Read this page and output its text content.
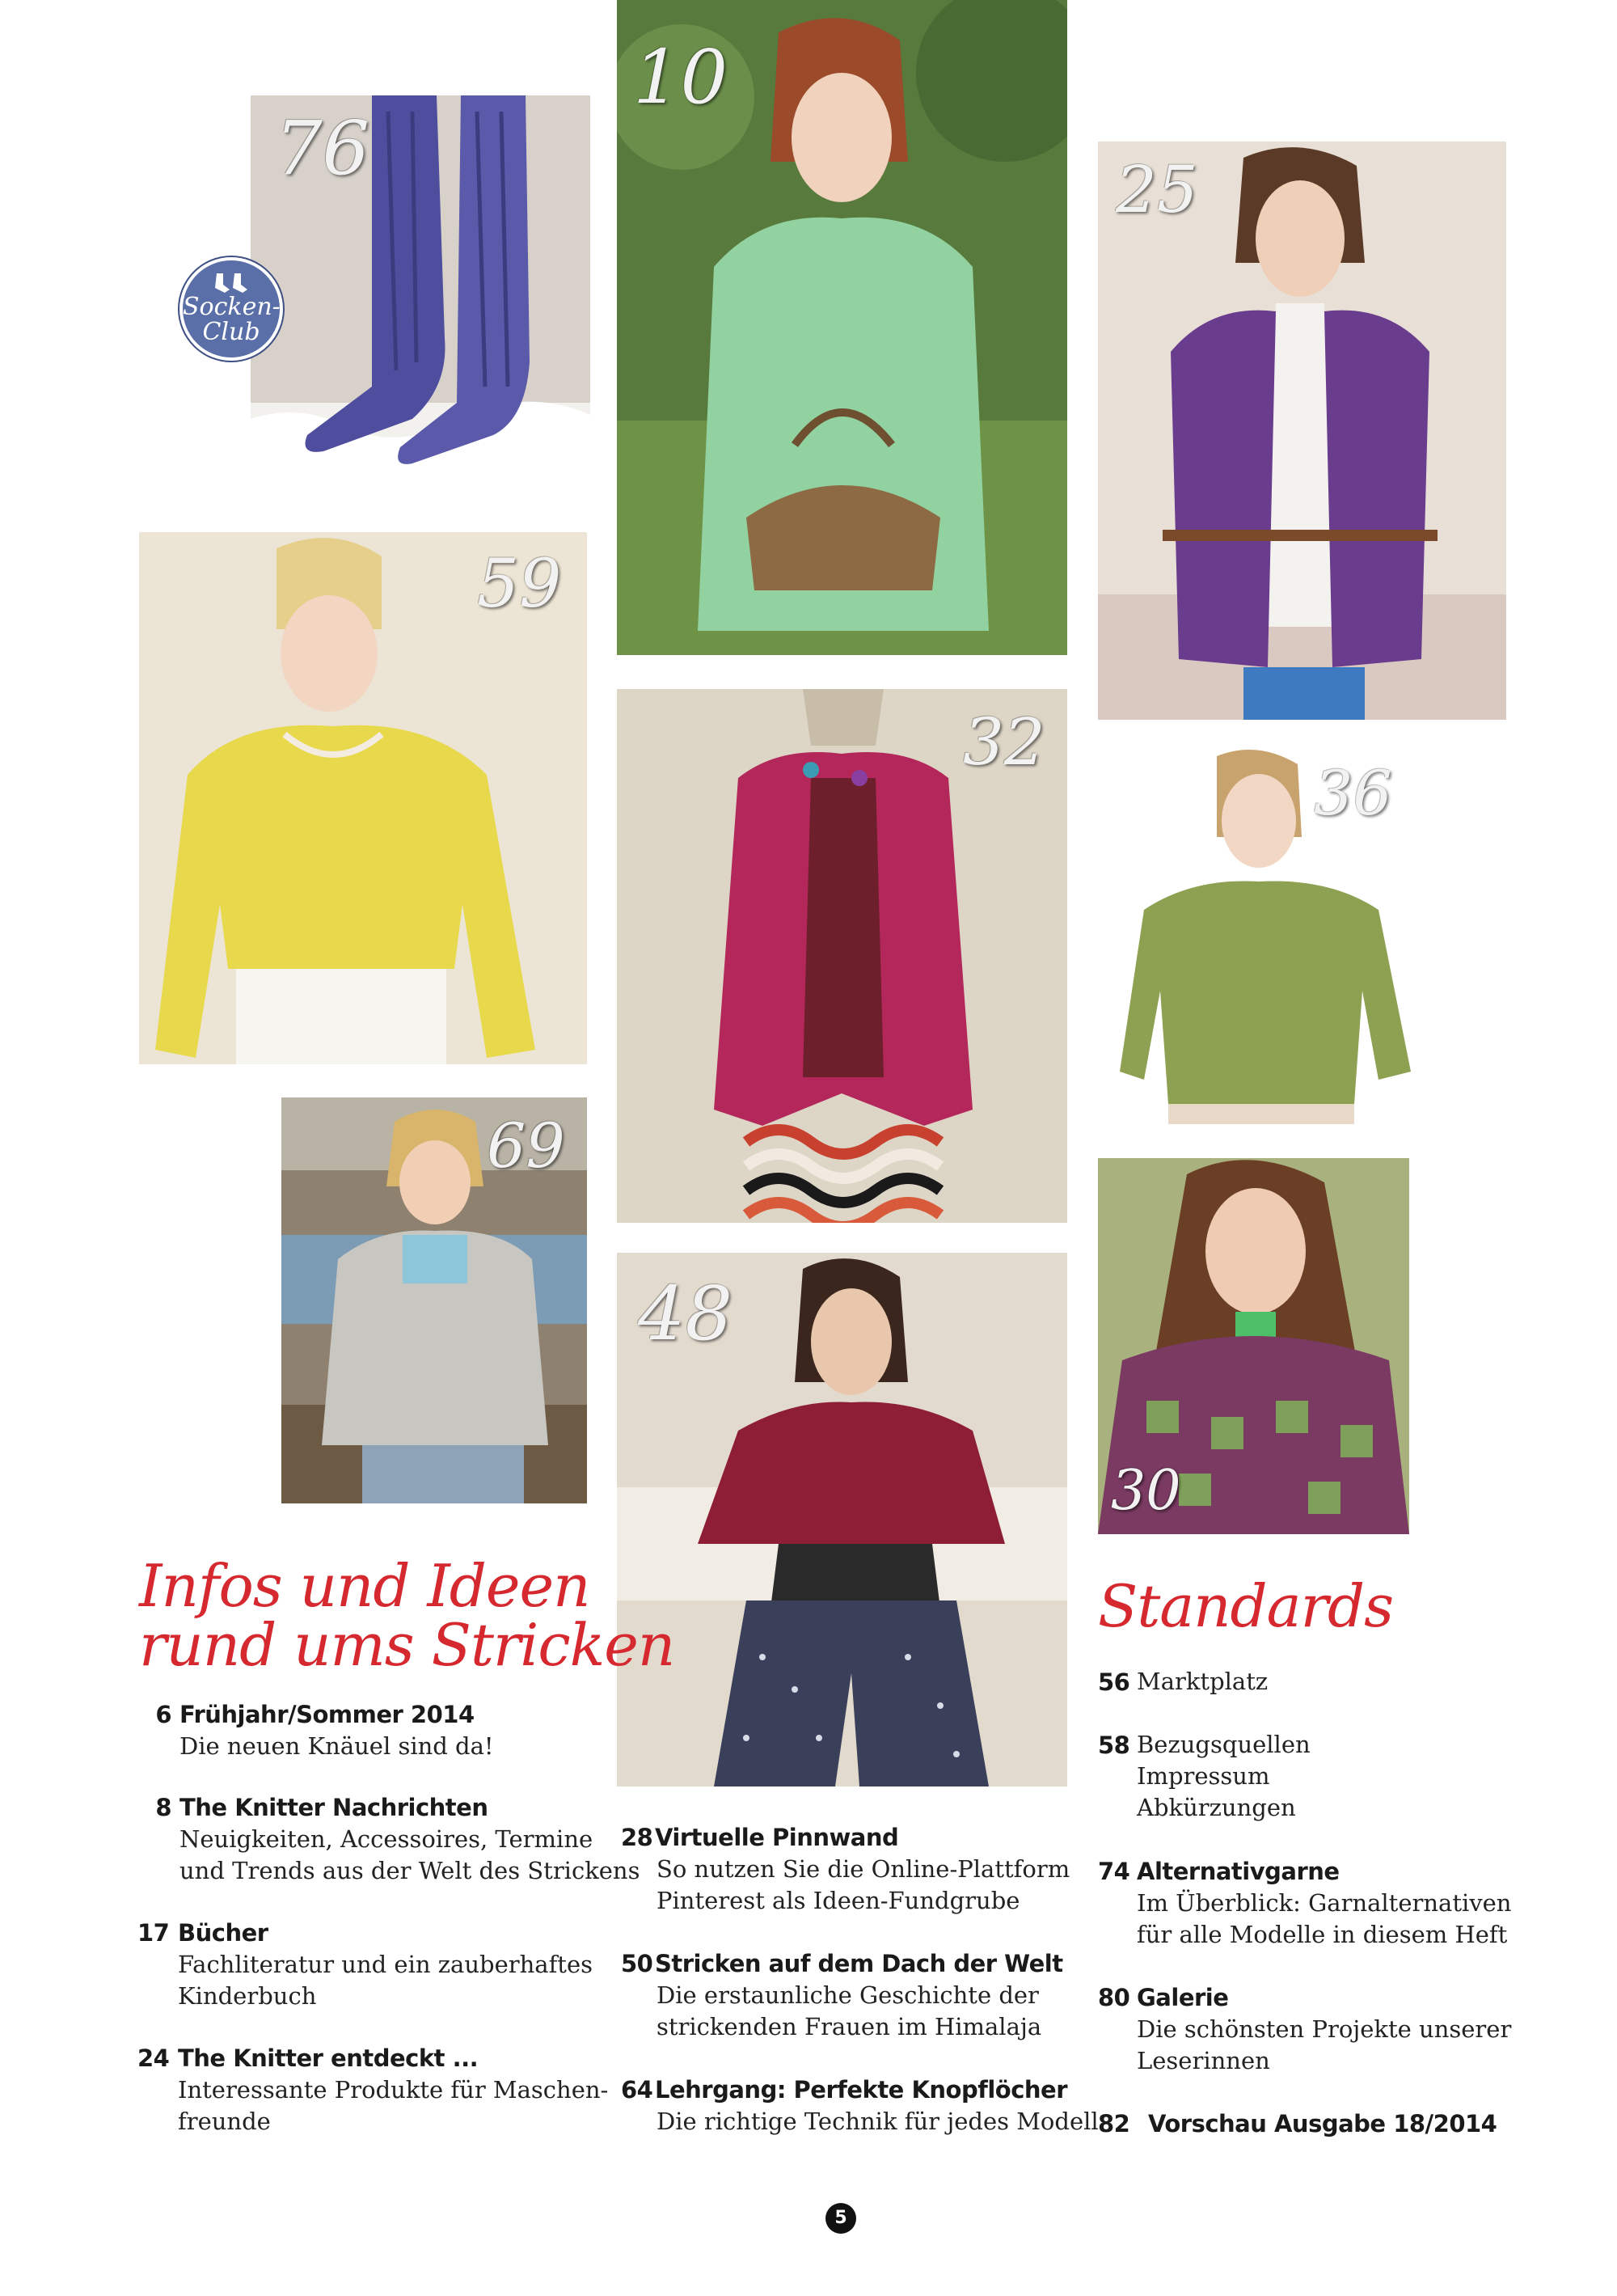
76
Socken-
Club
10
25
59
32
36
69
48
30
Infos und Ideen
rund ums Stricken
6 Frühjahr/Sommer 2014
Die neuen Knäuel sind da!
8 The Knitter Nachrichten
Neuigkeiten, Accessoires, Termine
und Trends aus der Welt des Strickens
17 Bücher
Fachliteratur und ein zauberhaftes
Kinderbuch
24 The Knitter entdeckt ...
Interessante Produkte für Maschen-
freunde
28 Virtuelle Pinnwand
So nutzen Sie die Online-Plattform
Pinterest als Ideen-Fundgrube
50 Stricken auf dem Dach der Welt
Die erstaunliche Geschichte der
strickenden Frauen im Himalaja
64 Lehrgang: Perfekte Knopflöcher
Die richtige Technik für jedes Modell
Standards
56 Marktplatz
58 Bezugsquellen
Impressum
Abkürzungen
74 Alternativgarne
Im Überblick: Garnalternativen
für alle Modelle in diesem Heft
80 Galerie
Die schönsten Projekte unserer
Leserinnen
82 Vorschau Ausgabe 18/2014
5
